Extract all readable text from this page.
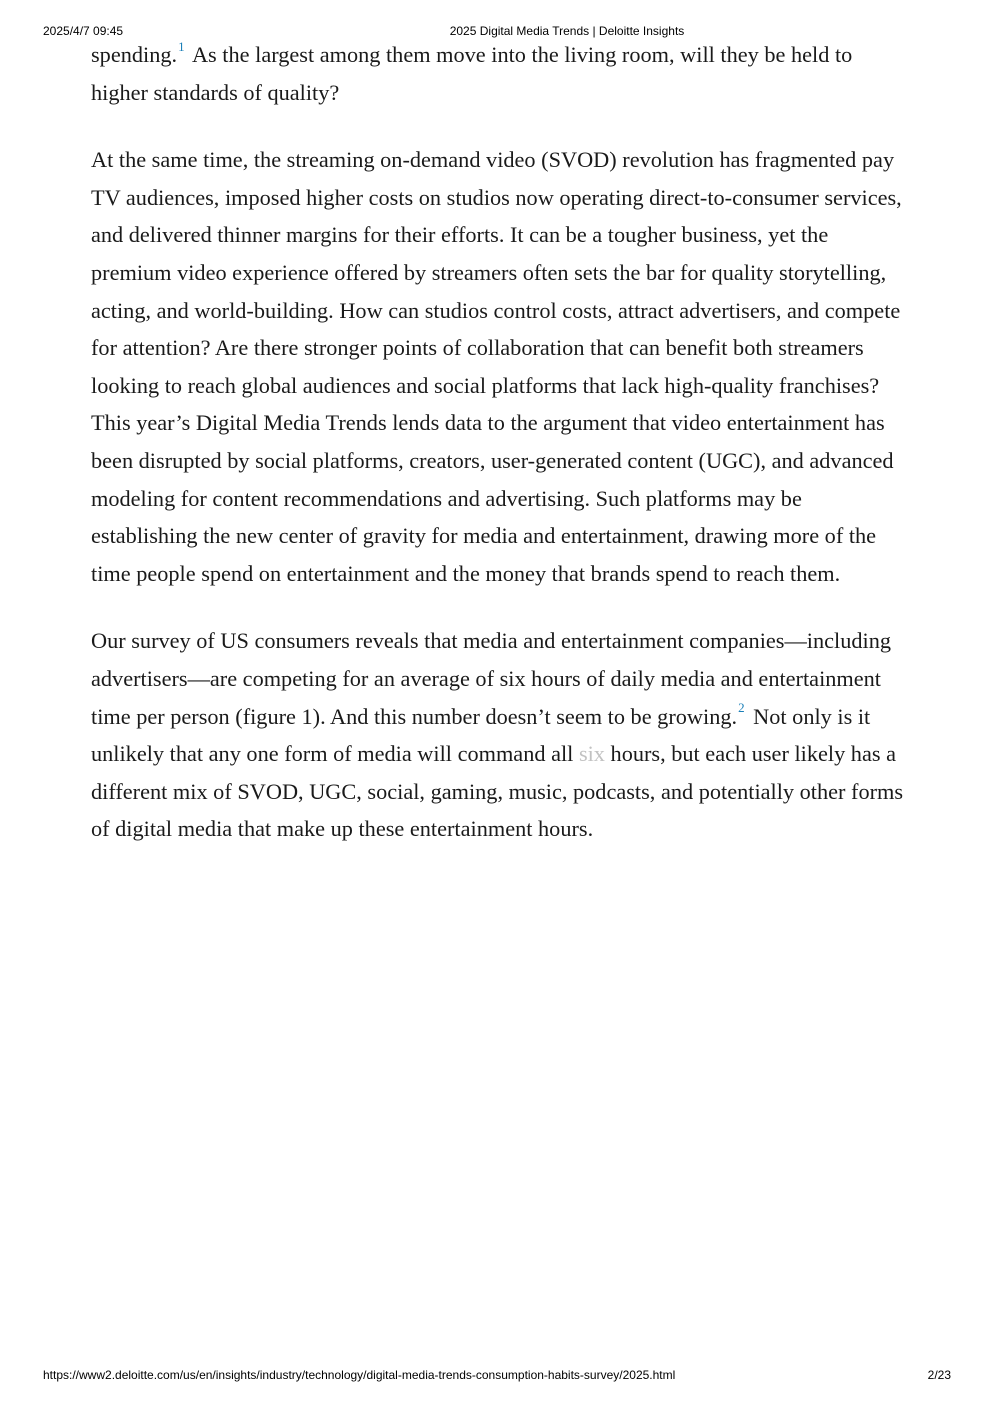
2025/4/7 09:45	2025 Digital Media Trends | Deloitte Insights

spending.$^1$ As the largest among them move into the living room, will they be held to higher standards of quality?

At the same time, the streaming on-demand video (SVOD) revolution has fragmented pay TV audiences, imposed higher costs on studios now operating direct-to-consumer services, and delivered thinner margins for their efforts. It can be a tougher business, yet the premium video experience offered by streamers often sets the bar for quality storytelling, acting, and world-building. How can studios control costs, attract advertisers, and compete for attention? Are there stronger points of collaboration that can benefit both streamers looking to reach global audiences and social platforms that lack high-quality franchises?

This year’s Digital Media Trends lends data to the argument that video entertainment has been disrupted by social platforms, creators, user-generated content (UGC), and advanced modeling for content recommendations and advertising. Such platforms may be establishing the new center of gravity for media and entertainment, drawing more of the time people spend on entertainment and the money that brands spend to reach them.

Our survey of US consumers reveals that media and entertainment companies—including advertisers—are competing for an average of six hours of daily media and entertainment time per person (figure 1). And this number doesn’t seem to be growing.$^2$ Not only is it unlikely that any one form of media will command all six hours, but each user likely has a different mix of SVOD, UGC, social, gaming, music, podcasts, and potentially other forms of digital media that make up these entertainment hours.

https://www2.deloitte.com/us/en/insights/industry/technology/digital-media-trends-consumption-habits-survey/2025.html	2/23
